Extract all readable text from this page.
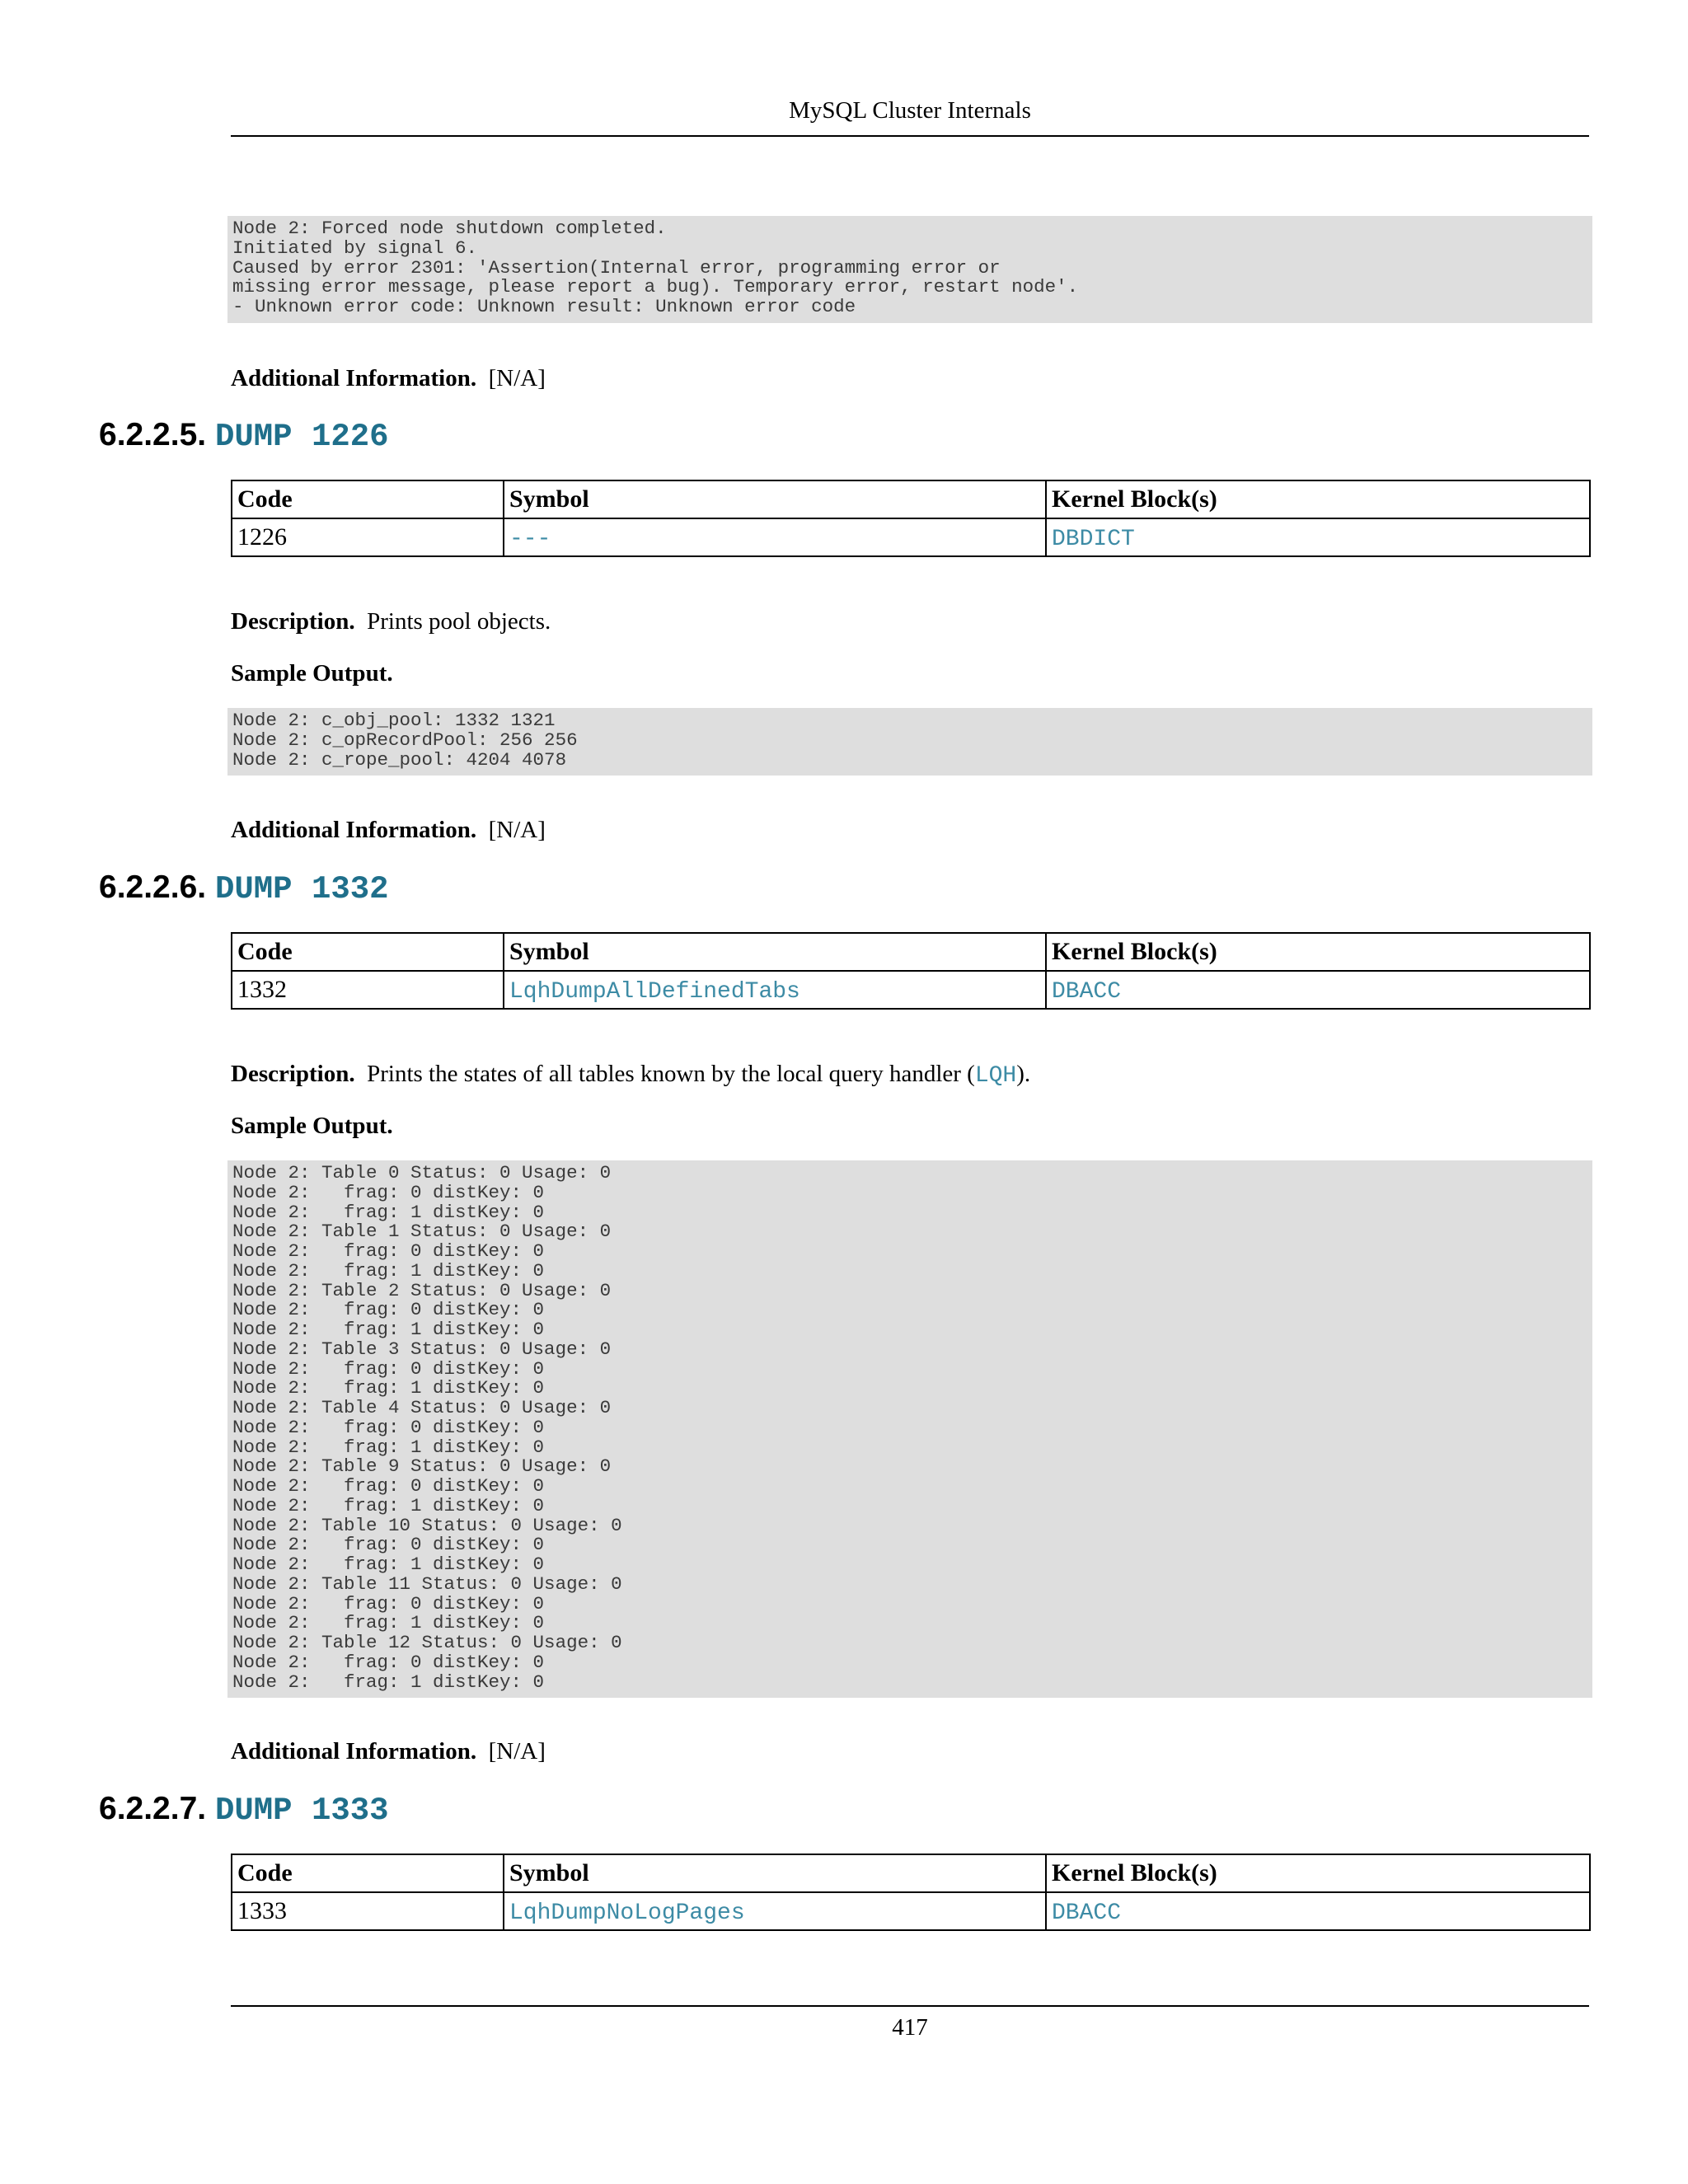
MySQL Cluster Internals
Node 2: Forced node shutdown completed.
Initiated by signal 6.
Caused by error 2301: 'Assertion(Internal error, programming error or
missing error message, please report a bug). Temporary error, restart node'.
- Unknown error code: Unknown result: Unknown error code
Additional Information. [N/A]
6.2.2.5. DUMP 1226
Code	Symbol	Kernel Block(s)
1226	---	DBDICT
Description. Prints pool objects.
Sample Output.
Node 2: c_obj_pool: 1332 1321
Node 2: c_opRecordPool: 256 256
Node 2: c_rope_pool: 4204 4078
Additional Information. [N/A]
6.2.2.6. DUMP 1332
Code	Symbol	Kernel Block(s)
1332	LqhDumpAllDefinedTabs	DBACC
Description. Prints the states of all tables known by the local query handler (LQH).
Sample Output.
Node 2: Table 0 Status: 0 Usage: 0
Node 2:   frag: 0 distKey: 0
Node 2:   frag: 1 distKey: 0
Node 2: Table 1 Status: 0 Usage: 0
Node 2:   frag: 0 distKey: 0
Node 2:   frag: 1 distKey: 0
Node 2: Table 2 Status: 0 Usage: 0
Node 2:   frag: 0 distKey: 0
Node 2:   frag: 1 distKey: 0
Node 2: Table 3 Status: 0 Usage: 0
Node 2:   frag: 0 distKey: 0
Node 2:   frag: 1 distKey: 0
Node 2: Table 4 Status: 0 Usage: 0
Node 2:   frag: 0 distKey: 0
Node 2:   frag: 1 distKey: 0
Node 2: Table 9 Status: 0 Usage: 0
Node 2:   frag: 0 distKey: 0
Node 2:   frag: 1 distKey: 0
Node 2: Table 10 Status: 0 Usage: 0
Node 2:   frag: 0 distKey: 0
Node 2:   frag: 1 distKey: 0
Node 2: Table 11 Status: 0 Usage: 0
Node 2:   frag: 0 distKey: 0
Node 2:   frag: 1 distKey: 0
Node 2: Table 12 Status: 0 Usage: 0
Node 2:   frag: 0 distKey: 0
Node 2:   frag: 1 distKey: 0
Additional Information. [N/A]
6.2.2.7. DUMP 1333
Code	Symbol	Kernel Block(s)
1333	LqhDumpNoLogPages	DBACC
417
